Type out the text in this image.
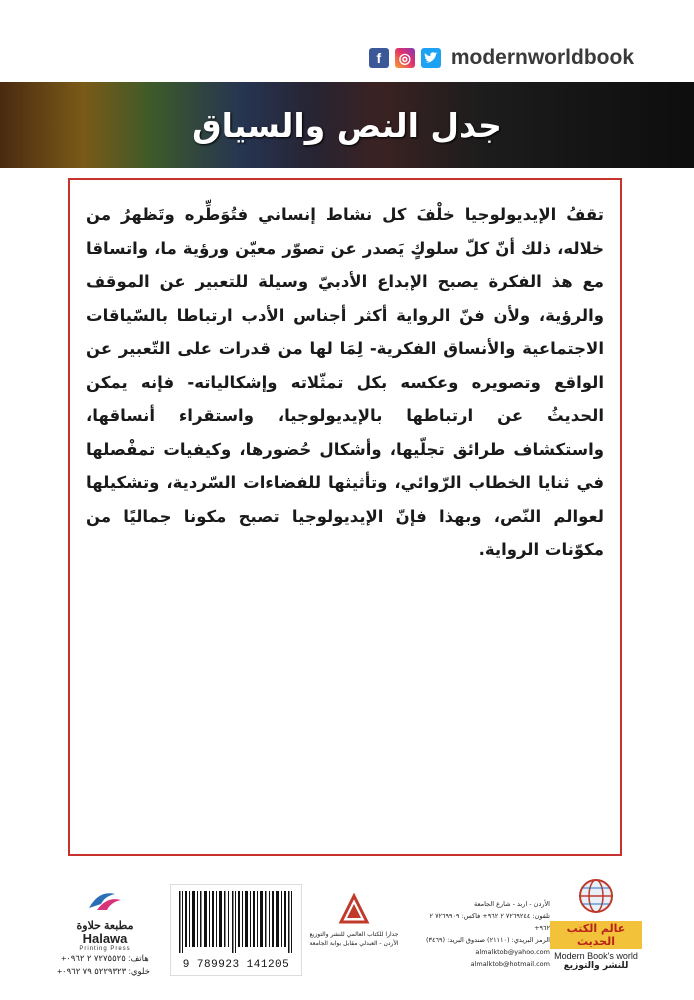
f	◎ modernworldbook
جدل النص والسياق

تقفُ الإيديولوجيا خلْفَ كل نشاط إنساني فتُوَطِّره وتَظهرُ من خلاله، ذلك أنّ كلّ سلوكٍ يَصدر عن تصوّر معيّن ورؤية ما، واتساقا مع هذ الفكرة يصبح الإبداع الأدبيّ وسيلة للتعبير عن الموقف والرؤية، ولأن فنّ الرواية أكثر أجناس الأدب ارتباطا بالسّياقات الاجتماعية والأنساق الفكرية- لِمَا لها من قدرات على التّعبير عن الواقع وتصويره وعكسه بكل تمثّلاته وإشكالياته- فإنه يمكن الحديثُ عن ارتباطها بالإيديولوجيا، واستقراء أنساقها، واستكشاف طرائق تجلّيها، وأشكال حُضورها، وكيفيات تمفْصلها في ثنايا الخطاب الرّوائي، وتأثيثها للفضاءات السّردية، وتشكيلها لعوالم النّص، وبهذا فإنّ الإيديولوجيا تصبح مكونا جماليًا من مكوّنات الرواية.

مطبعة حلاوة
Halawa
Printing Press
هاتف: ٧٢٧٥٥٢٥ ٢ ٠٩٦٢+
خلوي: ٥٢٢٩٣٢٣ ٧٩ ٠٩٦٢+	9 789923 141205
جدارا للكتاب العالمي للنشر والتوزيع
الأردن - العبدلي مقابل بوابة الجامعة
الأردن - اربد - شارع الجامعة
تلفون: ٧٢٦٩٢٤٤ ٢ ٩٦٢+ فاكس: ٧٢٦٩٩٠٩ ٢ ٩٦٢+
الرمز البريدي: (٢١١١٠) صندوق البريد: (٣٤٦٩)
almalktob@yahoo.com
almalktob@hotmail.com
عالم الكتب الحديث
Modern Book's world
للنشر والتوزيع
